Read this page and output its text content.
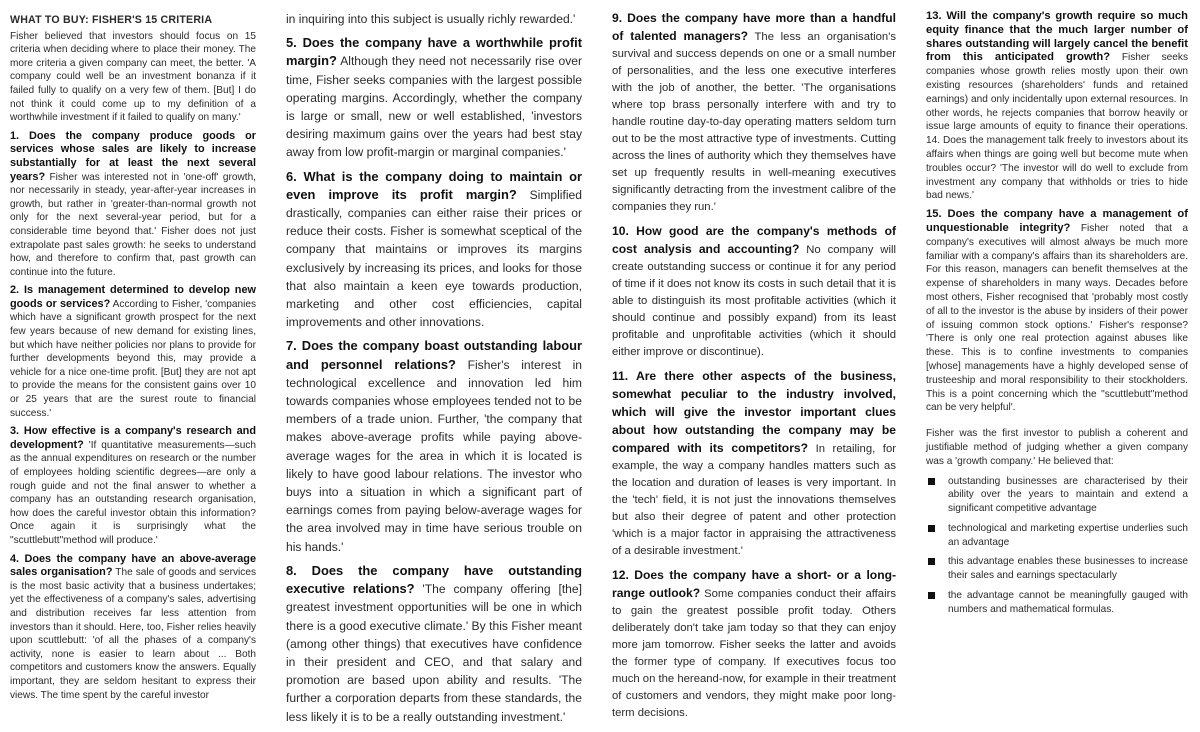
WHAT TO BUY: FISHER'S 15 CRITERIA

Fisher believed that investors should focus on 15 criteria when deciding where to place their money. The more criteria a given company can meet, the better. 'A company could well be an investment bonanza if it failed fully to qualify on a very few of them. [But] I do not think it could come up to my definition of a worthwhile investment if it failed to qualify on many.'

1. Does the company produce goods or services whose sales are likely to increase substantially for at least the next several years? Fisher was interested not in 'one-off' growth, nor necessarily in steady, year-after-year increases in growth, but rather in 'greater-than-normal growth not only for the next several-year period, but for a considerable time beyond that.' Fisher does not just extrapolate past sales growth: he seeks to understand how, and therefore to confirm that, past growth can continue into the future.

2. Is management determined to develop new goods or services? According to Fisher, 'companies which have a significant growth prospect for the next few years because of new demand for existing lines, but which have neither policies nor plans to provide for further developments beyond this, may provide a vehicle for a nice one-time profit. [But] they are not apt to provide the means for the consistent gains over 10 or 25 years that are the surest route to financial success.'

3. How effective is a company's research and development? 'If quantitative measurements—such as the annual expenditures on research or the number of employees holding scientific degrees—are only a rough guide and not the final answer to whether a company has an outstanding research organisation, how does the careful investor obtain this information? Once again it is surprisingly what the "scuttlebutt"method will produce.'

4. Does the company have an above-average sales organisation? The sale of goods and services is the most basic activity that a business undertakes; yet the effectiveness of a company's sales, advertising and distribution receives far less attention from investors than it should. Here, too, Fisher relies heavily upon scuttlebutt: 'of all the phases of a company's activity, none is easier to learn about ... Both competitors and customers know the answers. Equally important, they are seldom hesitant to express their views. The time spent by the careful investor

in inquiring into this subject is usually richly rewarded.'

5. Does the company have a worthwhile profit margin? Although they need not necessarily rise over time, Fisher seeks companies with the largest possible operating margins. Accordingly, whether the company is large or small, new or well established, 'investors desiring maximum gains over the years had best stay away from low profit-margin or marginal companies.'

6. What is the company doing to maintain or even improve its profit margin? Simplified drastically, companies can either raise their prices or reduce their costs. Fisher is somewhat sceptical of the company that maintains or improves its margins exclusively by increasing its prices, and looks for those that also maintain a keen eye towards production, marketing and other cost efficiencies, capital improvements and other innovations.

7. Does the company boast outstanding labour and personnel relations? Fisher's interest in technological excellence and innovation led him towards companies whose employees tended not to be members of a trade union. Further, 'the company that makes above-average profits while paying above-average wages for the area in which it is located is likely to have good labour relations. The investor who buys into a situation in which a significant part of earnings comes from paying below-average wages for the area involved may in time have serious trouble on his hands.'

8. Does the company have outstanding executive relations? 'The company offering [the] greatest investment opportunities will be one in which there is a good executive climate.' By this Fisher meant (among other things) that executives have confidence in their president and CEO, and that salary and promotion are based upon ability and results. 'The further a corporation departs from these standards, the less likely it is to be a really outstanding investment.'

9. Does the company have more than a handful of talented managers? The less an organisation's survival and success depends on one or a small number of personalities, and the less one executive interferes with the job of another, the better. 'The organisations where top brass personally interfere with and try to handle routine day-to-day operating matters seldom turn out to be the most attractive type of investments. Cutting across the lines of authority which they themselves have set up frequently results in well-meaning executives significantly detracting from the investment calibre of the companies they run.'

10. How good are the company's methods of cost analysis and accounting? No company will create outstanding success or continue it for any period of time if it does not know its costs in such detail that it is able to distinguish its most profitable activities (which it should continue and possibly expand) from its least profitable and unprofitable activities (which it should either improve or discontinue).

11. Are there other aspects of the business, somewhat peculiar to the industry involved, which will give the investor important clues about how outstanding the company may be compared with its competitors? In retailing, for example, the way a company handles matters such as the location and duration of leases is very important. In the 'tech' field, it is not just the innovations themselves but also their degree of patent and other protection 'which is a major factor in appraising the attractiveness of a desirable investment.'

12. Does the company have a short- or a long-range outlook? Some companies conduct their affairs to gain the greatest possible profit today. Others deliberately don't take jam today so that they can enjoy more jam tomorrow. Fisher seeks the latter and avoids the former type of company. If executives focus too much on the hereand-now, for example in their treatment of customers and vendors, they might make poor long-term decisions.

13. Will the company's growth require so much equity finance that the much larger number of shares outstanding will largely cancel the benefit from this anticipated growth? Fisher seeks companies whose growth relies mostly upon their own existing resources (shareholders' funds and retained earnings) and only incidentally upon external resources. In other words, he rejects companies that borrow heavily or issue large amounts of equity to finance their operations. 14. Does the management talk freely to investors about its affairs when things are going well but become mute when troubles occur? 'The investor will do well to exclude from investment any company that withholds or tries to hide bad news.'

15. Does the company have a management of unquestionable integrity? Fisher noted that a company's executives will almost always be much more familiar with a company's affairs than its shareholders are. For this reason, managers can benefit themselves at the expense of shareholders in many ways. Decades before most others, Fisher recognised that 'probably most costly of all to the investor is the abuse by insiders of their power of issuing common stock options.' Fisher's response? 'There is only one real protection against abuses like these. This is to confine investments to companies [whose] managements have a highly developed sense of trusteeship and moral responsibility to their stockholders. This is a point concerning which the "scuttlebutt"method can be very helpful'.

Fisher was the first investor to publish a coherent and justifiable method of judging whether a given company was a 'growth company.' He believed that:

outstanding businesses are characterised by their ability over the years to maintain and extend a significant competitive advantage
technological and marketing expertise underlies such an advantage
this advantage enables these businesses to increase their sales and earnings spectacularly
the advantage cannot be meaningfully gauged with numbers and mathematical formulas.
